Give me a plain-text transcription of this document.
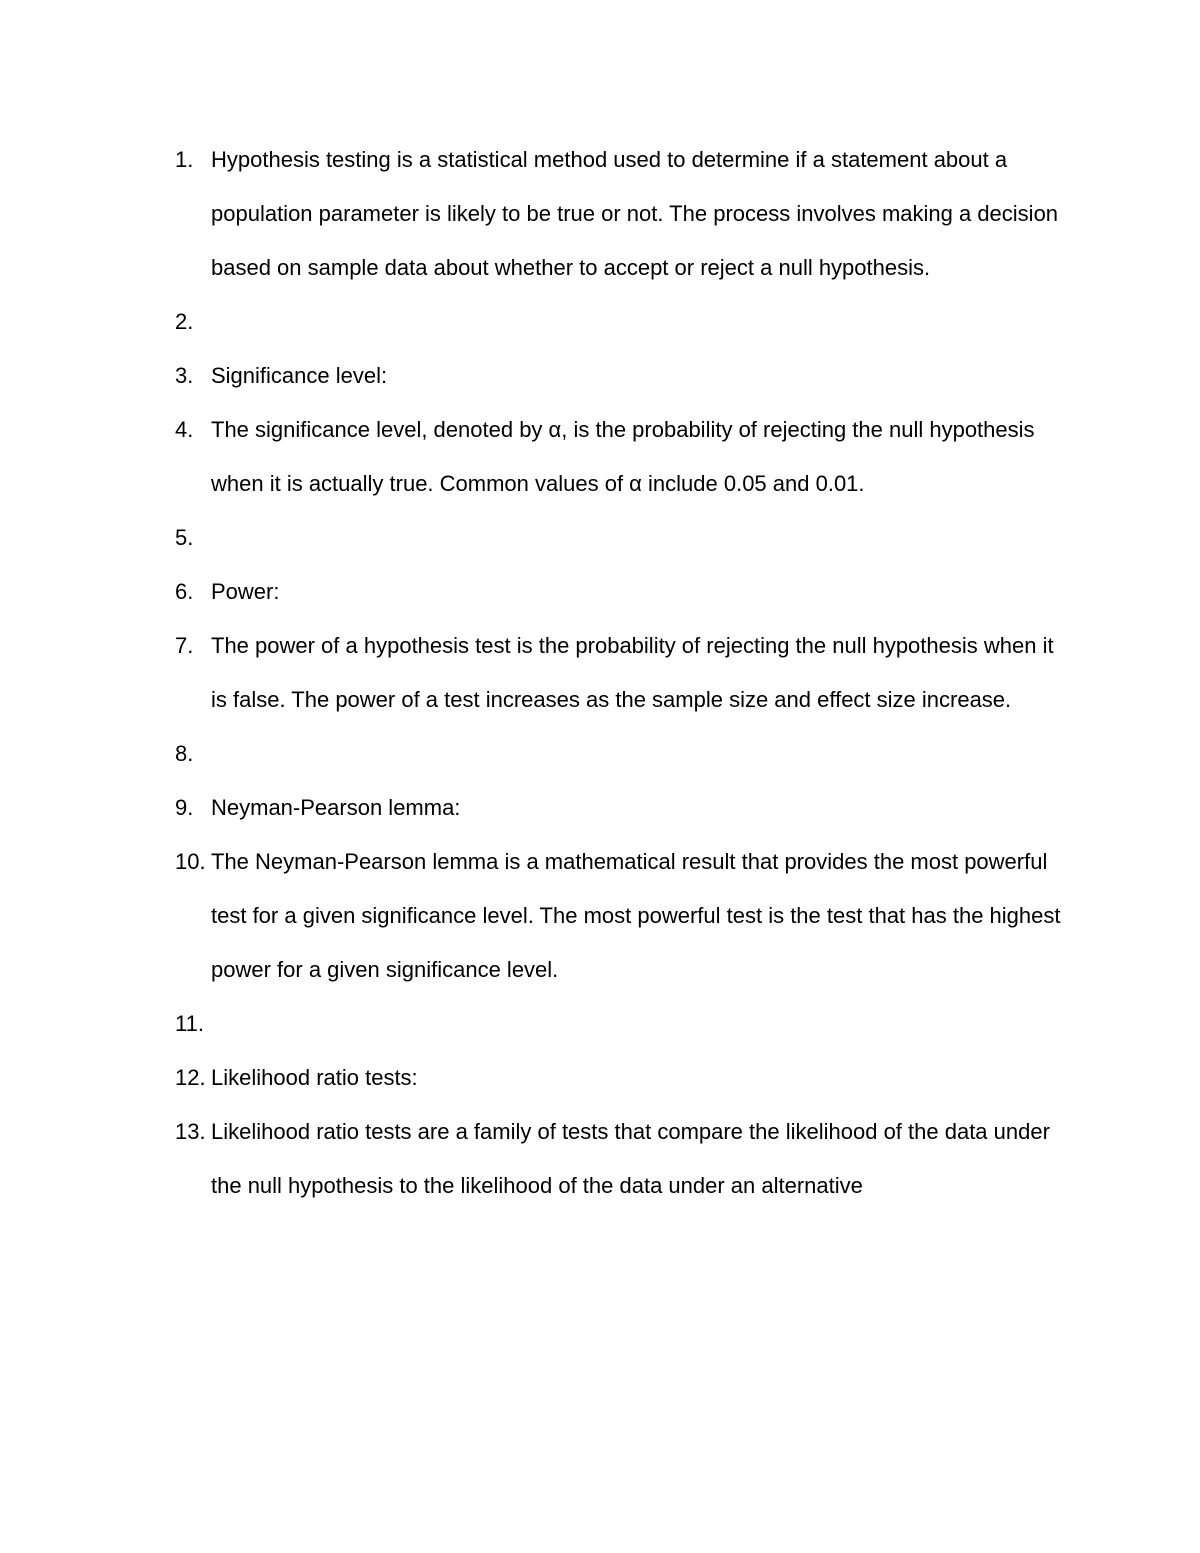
1. Hypothesis testing is a statistical method used to determine if a statement about a population parameter is likely to be true or not. The process involves making a decision based on sample data about whether to accept or reject a null hypothesis.
2.
3. Significance level:
4. The significance level, denoted by α, is the probability of rejecting the null hypothesis when it is actually true. Common values of α include 0.05 and 0.01.
5.
6. Power:
7. The power of a hypothesis test is the probability of rejecting the null hypothesis when it is false. The power of a test increases as the sample size and effect size increase.
8.
9. Neyman-Pearson lemma:
10. The Neyman-Pearson lemma is a mathematical result that provides the most powerful test for a given significance level. The most powerful test is the test that has the highest power for a given significance level.
11.
12. Likelihood ratio tests:
13. Likelihood ratio tests are a family of tests that compare the likelihood of the data under the null hypothesis to the likelihood of the data under an alternative
